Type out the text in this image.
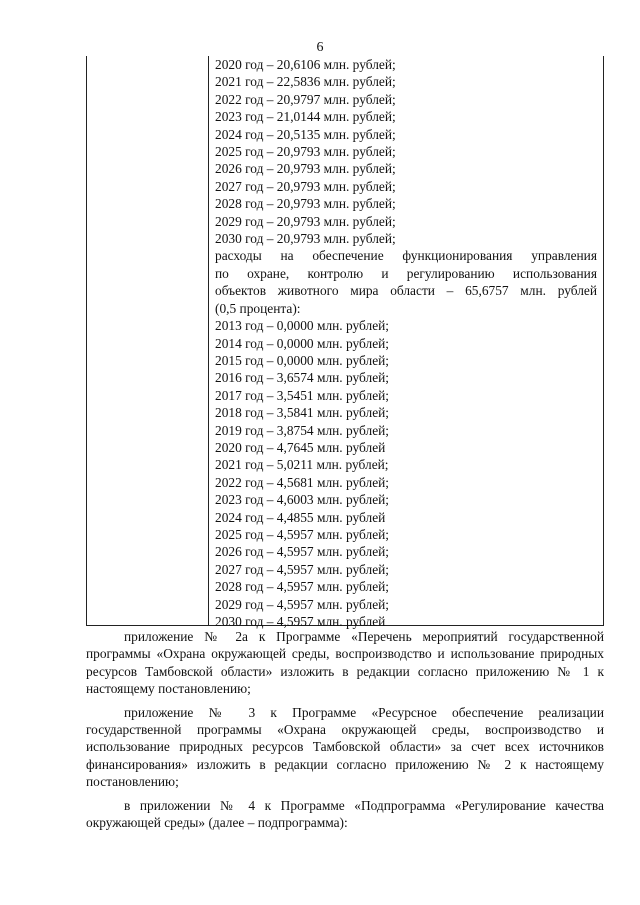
6
2020 год – 20,6106 млн. рублей;
2021 год – 22,5836 млн. рублей;
2022 год – 20,9797 млн. рублей;
2023 год – 21,0144 млн. рублей;
2024 год – 20,5135 млн. рублей;
2025 год – 20,9793 млн. рублей;
2026 год – 20,9793 млн. рублей;
2027 год – 20,9793 млн. рублей;
2028 год – 20,9793 млн. рублей;
2029 год – 20,9793 млн. рублей;
2030 год – 20,9793 млн. рублей;
расходы на обеспечение функционирования управления
по охране, контролю и регулированию использования
объектов животного мира области – 65,6757 млн. рублей
(0,5 процента):
2013 год – 0,0000 млн. рублей;
2014 год – 0,0000 млн. рублей;
2015 год – 0,0000 млн. рублей;
2016 год – 3,6574 млн. рублей;
2017 год – 3,5451 млн. рублей;
2018 год – 3,5841 млн. рублей;
2019 год – 3,8754 млн. рублей;
2020 год – 4,7645 млн. рублей
2021 год – 5,0211 млн. рублей;
2022 год – 4,5681 млн. рублей;
2023 год – 4,6003 млн. рублей;
2024 год – 4,4855 млн. рублей
2025 год – 4,5957 млн. рублей;
2026 год – 4,5957 млн. рублей;
2027 год – 4,5957 млн. рублей;
2028 год – 4,5957 млн. рублей;
2029 год – 4,5957 млн. рублей;
2030 год – 4,5957 млн. рублей

приложение № 2а к Программе «Перечень мероприятий государственной программы «Охрана окружающей среды, воспроизводство и использование природных ресурсов Тамбовской области» изложить в редакции согласно приложению № 1 к настоящему постановлению;

приложение № 3 к Программе «Ресурсное обеспечение реализации государственной программы «Охрана окружающей среды, воспроизводство и использование природных ресурсов Тамбовской области» за счет всех источников финансирования» изложить в редакции согласно приложению № 2 к настоящему постановлению;

в приложении № 4 к Программе «Подпрограмма «Регулирование качества окружающей среды» (далее – подпрограмма):
